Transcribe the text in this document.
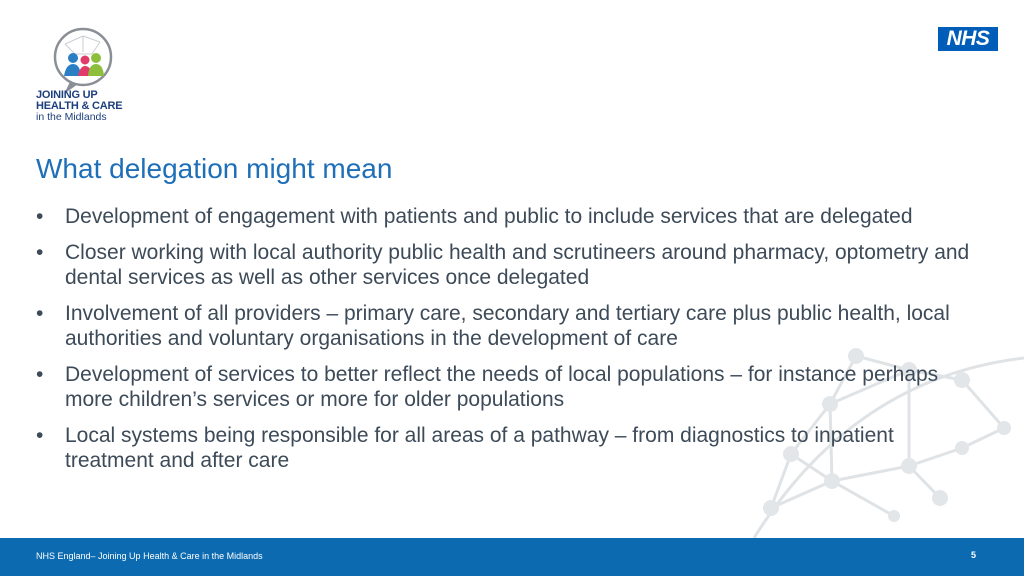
JOINING UP
HEALTH & CARE
in the Midlands
NHS
What delegation might mean
• Development of engagement with patients and public to include services that are delegated
• Closer working with local authority public health and scrutineers around pharmacy, optometry and dental services as well as other services once delegated
• Involvement of all providers – primary care, secondary and tertiary care plus public health, local authorities and voluntary organisations in the development of care
• Development of services to better reflect the needs of local populations – for instance perhaps more children’s services or more for older populations
• Local systems being responsible for all areas of a pathway – from diagnostics to inpatient treatment and after care
NHS England– Joining Up Health & Care in the Midlands	5
